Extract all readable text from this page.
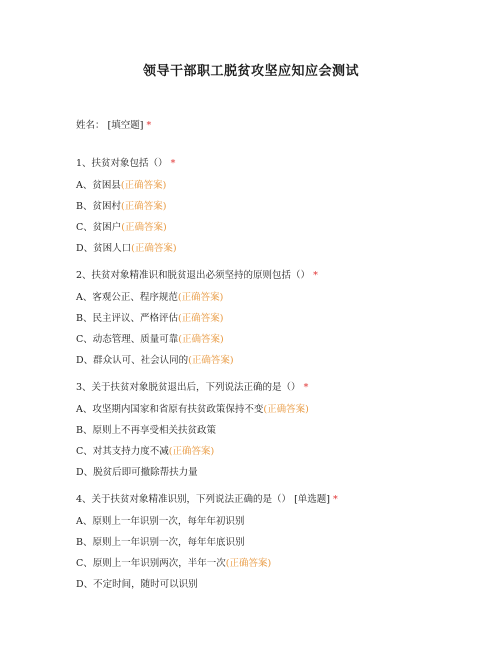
领导干部职工脱贫攻坚应知应会测试
姓名： [填空题] *
1、扶贫对象包括（） *
A、贫困县(正确答案)
B、贫困村(正确答案)
C、贫困户(正确答案)
D、贫困人口(正确答案)
2、扶贫对象精准识和脱贫退出必须坚持的原则包括（） *
A、客观公正、程序规范(正确答案)
B、民主评议、严格评估(正确答案)
C、动态管理、质量可靠(正确答案)
D、群众认可、社会认同的(正确答案)
3、关于扶贫对象脱贫退出后，下列说法正确的是（） *
A、攻坚期内国家和省原有扶贫政策保持不变(正确答案)
B、原则上不再享受相关扶贫政策
C、对其支持力度不减(正确答案)
D、脱贫后即可撤除帮扶力量
4、关于扶贫对象精准识别，下列说法正确的是（） [单选题] *
A、原则上一年识别一次，每年年初识别
B、原则上一年识别一次，每年年底识别
C、原则上一年识别两次，半年一次(正确答案)
D、不定时间，随时可以识别
